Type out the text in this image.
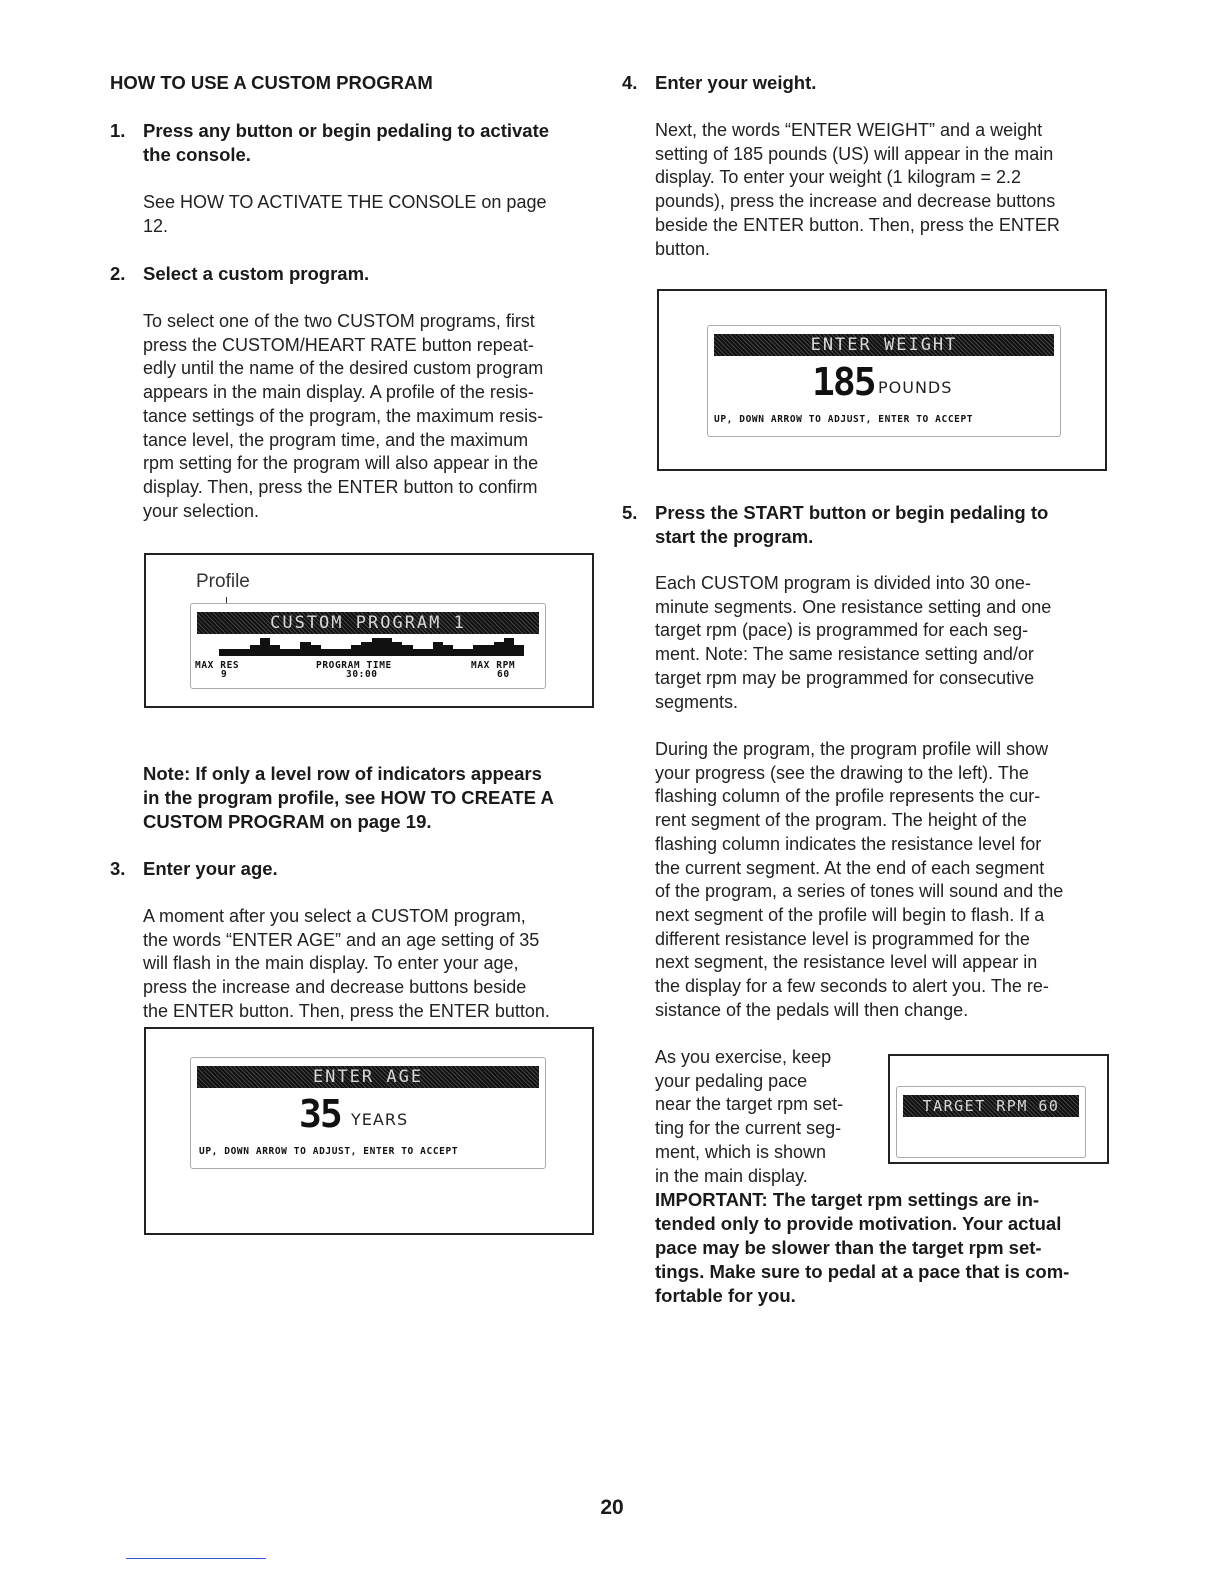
HOW TO USE A CUSTOM PROGRAM
1. Press any button or begin pedaling to activate
the console.
See HOW TO ACTIVATE THE CONSOLE on page
12.
2. Select a custom program.
To select one of the two CUSTOM programs, first
press the CUSTOM/HEART RATE button repeat-
edly until the name of the desired custom program
appears in the main display. A profile of the resis-
tance settings of the program, the maximum resis-
tance level, the program time, and the maximum
rpm setting for the program will also appear in the
display. Then, press the ENTER button to confirm
your selection.
Profile
CUSTOM PROGRAM 1
MAX RES
9
PROGRAM TIME
30:00
MAX RPM
60
Note: If only a level row of indicators appears
in the program profile, see HOW TO CREATE A
CUSTOM PROGRAM on page 19.
3. Enter your age.
A moment after you select a CUSTOM program,
the words “ENTER AGE” and an age setting of 35
will flash in the main display. To enter your age,
press the increase and decrease buttons beside
the ENTER button. Then, press the ENTER button.
ENTER AGE
35 YEARS
UP, DOWN ARROW TO ADJUST, ENTER TO ACCEPT
4. Enter your weight.
Next, the words “ENTER WEIGHT” and a weight
setting of 185 pounds (US) will appear in the main
display. To enter your weight (1 kilogram = 2.2
pounds), press the increase and decrease buttons
beside the ENTER button. Then, press the ENTER
button.
ENTER WEIGHT
185 POUNDS
UP, DOWN ARROW TO ADJUST, ENTER TO ACCEPT
5. Press the START button or begin pedaling to
start the program.
Each CUSTOM program is divided into 30 one-
minute segments. One resistance setting and one
target rpm (pace) is programmed for each seg-
ment. Note: The same resistance setting and/or
target rpm may be programmed for consecutive
segments.
During the program, the program profile will show
your progress (see the drawing to the left). The
flashing column of the profile represents the cur-
rent segment of the program. The height of the
flashing column indicates the resistance level for
the current segment. At the end of each segment
of the program, a series of tones will sound and the
next segment of the profile will begin to flash. If a
different resistance level is programmed for the
next segment, the resistance level will appear in
the display for a few seconds to alert you. The re-
sistance of the pedals will then change.
As you exercise, keep
your pedaling pace
near the target rpm set-
ting for the current seg-
ment, which is shown
in the main display.
TARGET RPM 60
IMPORTANT: The target rpm settings are in-
tended only to provide motivation. Your actual
pace may be slower than the target rpm set-
tings. Make sure to pedal at a pace that is com-
fortable for you.
20
